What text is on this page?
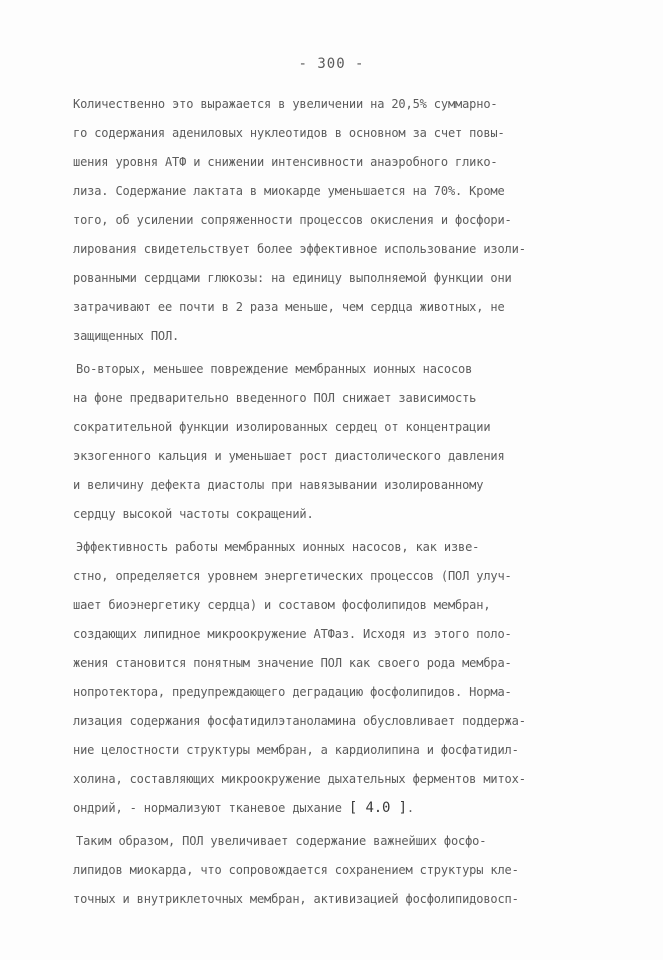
- 300 -
Количественно это выражается в увеличении на 20,5% суммарно-
го содержания адениловых нуклеотидов в основном за счет повы-
шения уровня АТФ и снижении интенсивности анаэробного глико-
лиза. Содержание лактата в миокарде уменьшается на 70%. Кроме
того, об усилении сопряженности процессов окисления и фосфори-
лирования свидетельствует более эффективное использование изоли-
рованными сердцами глюкозы: на единицу выполняемой функции они
затрачивают ее почти в 2 раза меньше, чем сердца животных, не
защищенных ПОЛ.
Во-вторых, меньшее повреждение мембранных ионных насосов
на фоне предварительно введенного ПОЛ снижает зависимость
сократительной функции изолированных сердец от концентрации
экзогенного кальция и уменьшает рост диастолического давления
и величину дефекта диастолы при навязывании изолированному
сердцу высокой частоты сокращений.
Эффективность работы мембранных ионных насосов, как изве-
стно, определяется уровнем энергетических процессов (ПОЛ улуч-
шает биоэнергетику сердца) и составом фосфолипидов мембран,
создающих липидное микроокружение АТФаз. Исходя из этого поло-
жения становится понятным значение ПОЛ как своего рода мембра-
нопротектора, предупреждающего деградацию фосфолипидов. Норма-
лизация содержания фосфатидилэтаноламина обусловливает поддержа-
ние целостности структуры мембран, а кардиолипина и фосфатидил-
холина, составляющих микроокружение дыхательных ферментов митох-
ондрий, - нормализуют тканевое дыхание [ 4.0 ].
Таким образом, ПОЛ увеличивает содержание важнейших фосфо-
липидов миокарда, что сопровождается сохранением структуры кле-
точных и внутриклеточных мембран, активизацией фосфолипидовосп-
